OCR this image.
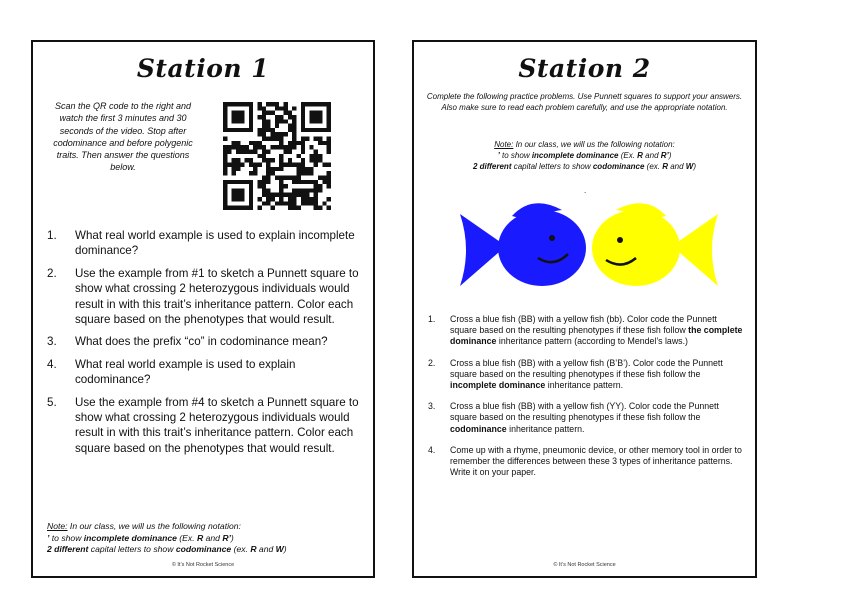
Station 1
Scan the QR code to the right and watch the first 3 minutes and 30 seconds of the video. Stop after codominance and before polygenic traits. Then answer the questions below.
1.	What real world example is used to explain incomplete dominance?
2.	Use the example from #1 to sketch a Punnett square to show what crossing 2 heterozygous individuals would result in with this trait’s inheritance pattern. Color each square based on the phenotypes that would result.
3.	What does the prefix “co” in codominance mean?
4.	What real world example is used to explain codominance?
5.	Use the example from #4 to sketch a Punnett square to show what crossing 2 heterozygous individuals would result in with this trait’s inheritance pattern. Color each square based on the phenotypes that would result.
Note: In our class, we will us the following notation:
’ to show incomplete dominance (Ex. R and R’)
2 different capital letters to show codominance (ex. R and W)
© It’s Not Rocket Science
Station 2
Complete the following practice problems. Use Punnett squares to support your answers. Also make sure to read each problem carefully, and use the appropriate notation.
Note: In our class, we will us the following notation:
’ to show incomplete dominance (Ex. R and R’)
2 different capital letters to show codominance (ex. R and W)
.
1.	Cross a blue fish (BB) with a yellow fish (bb). Color code the Punnett square based on the resulting phenotypes if these fish follow the complete dominance inheritance pattern (according to Mendel’s laws.)
2.	Cross a blue fish (BB) with a yellow fish (B’B’). Color code the Punnett square based on the resulting phenotypes if these fish follow the incomplete dominance inheritance pattern.
3.	Cross a blue fish (BB) with a yellow fish (YY). Color code the Punnett square based on the resulting phenotypes if these fish follow the codominance inheritance pattern.
4.	Come up with a rhyme, pneumonic device, or other memory tool in order to remember the differences between these 3 types of inheritance patterns. Write it on your paper.
© It’s Not Rocket Science
